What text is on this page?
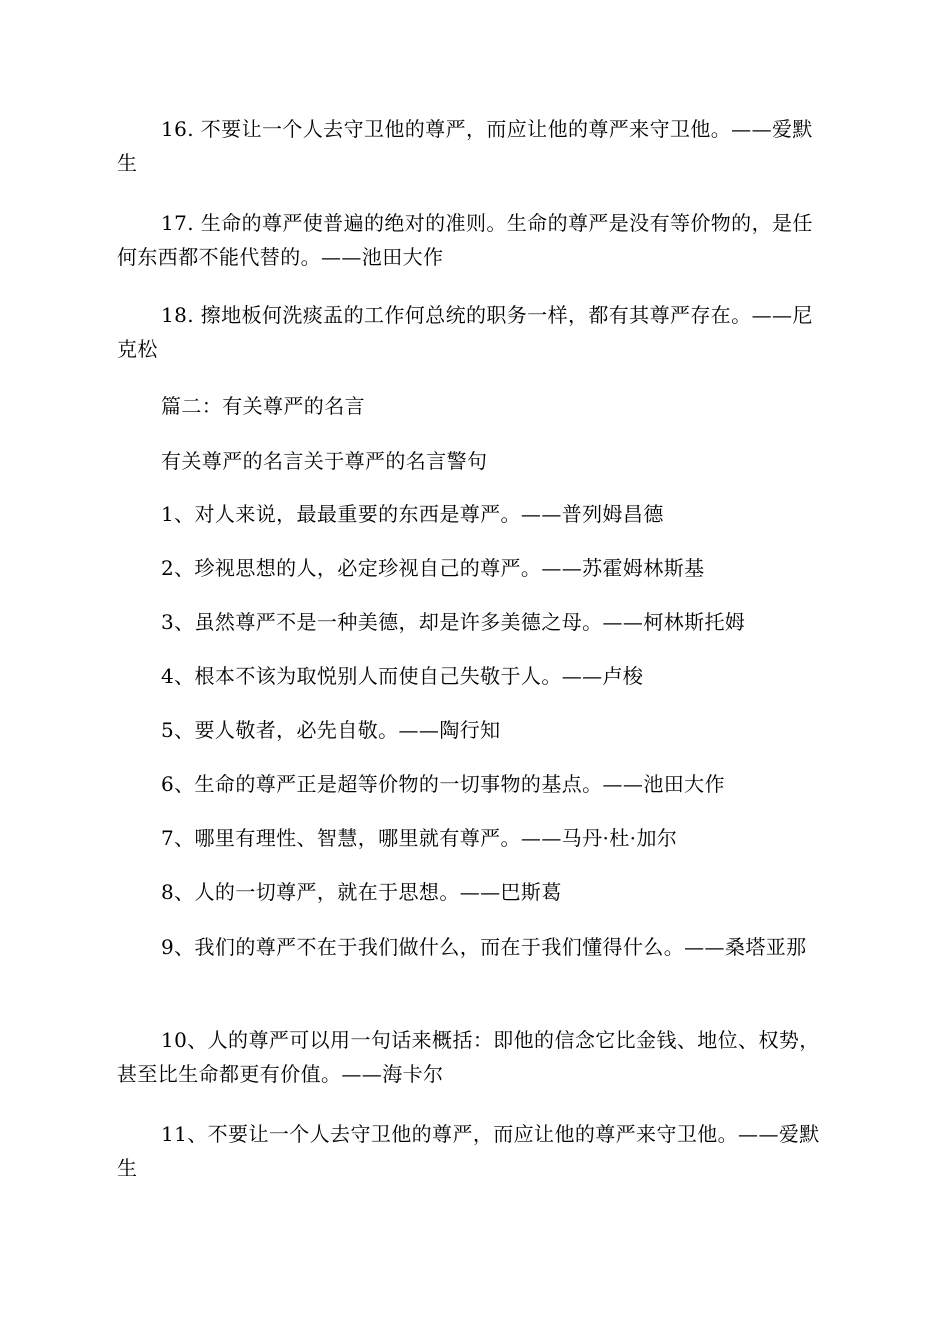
16. 不要让一个人去守卫他的尊严，而应让他的尊严来守卫他。——爱默生

17. 生命的尊严使普遍的绝对的准则。生命的尊严是没有等价物的，是任何东西都不能代替的。——池田大作

18. 擦地板何洗痰盂的工作何总统的职务一样，都有其尊严存在。——尼克松

篇二：有关尊严的名言

有关尊严的名言关于尊严的名言警句

1、对人来说，最最重要的东西是尊严。——普列姆昌德

2、珍视思想的人，必定珍视自己的尊严。——苏霍姆林斯基

3、虽然尊严不是一种美德，却是许多美德之母。——柯林斯托姆

4、根本不该为取悦别人而使自己失敬于人。——卢梭

5、要人敬者，必先自敬。——陶行知

6、生命的尊严正是超等价物的一切事物的基点。——池田大作

7、哪里有理性、智慧，哪里就有尊严。——马丹·杜·加尔

8、人的一切尊严，就在于思想。——巴斯葛

9、我们的尊严不在于我们做什么，而在于我们懂得什么。——桑塔亚那

10、人的尊严可以用一句话来概括：即他的信念它比金钱、地位、权势，甚至比生命都更有价值。——海卡尔

11、不要让一个人去守卫他的尊严，而应让他的尊严来守卫他。——爱默生
